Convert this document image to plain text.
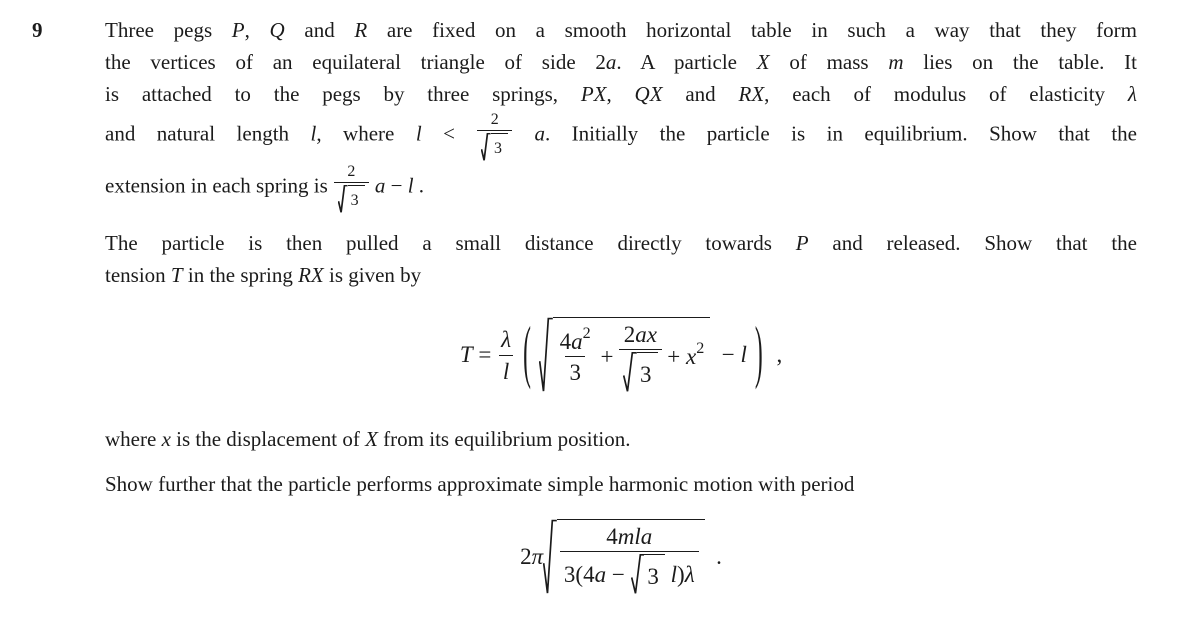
9	Three pegs P, Q and R are fixed on a smooth horizontal table in such a way that they form
the vertices of an equilateral triangle of side 2a. A particle X of mass m lies on the table. It
is attached to the pegs by three springs, PX, QX and RX, each of modulus of elasticity λ
and natural length l, where $l < \frac{2}{3} a$. Initially the particle is in equilibrium. Show that the
extension in each spring is $\frac{2}{3}$ a − l .
The particle is then pulled a small distance directly towards P and released. Show that the
tension T in the spring RX is given by
$T = \frac{\lambda}{l}$ ( $\frac{4 a 2}{3} + \frac{2 ax}{3} + x$ 2 − l ) ,
where x is the displacement of X from its equilibrium position.
Show further that the particle performs approximate simple harmonic motion with period
2 π 4 mla
3(4 a − 3
l ) λ .
